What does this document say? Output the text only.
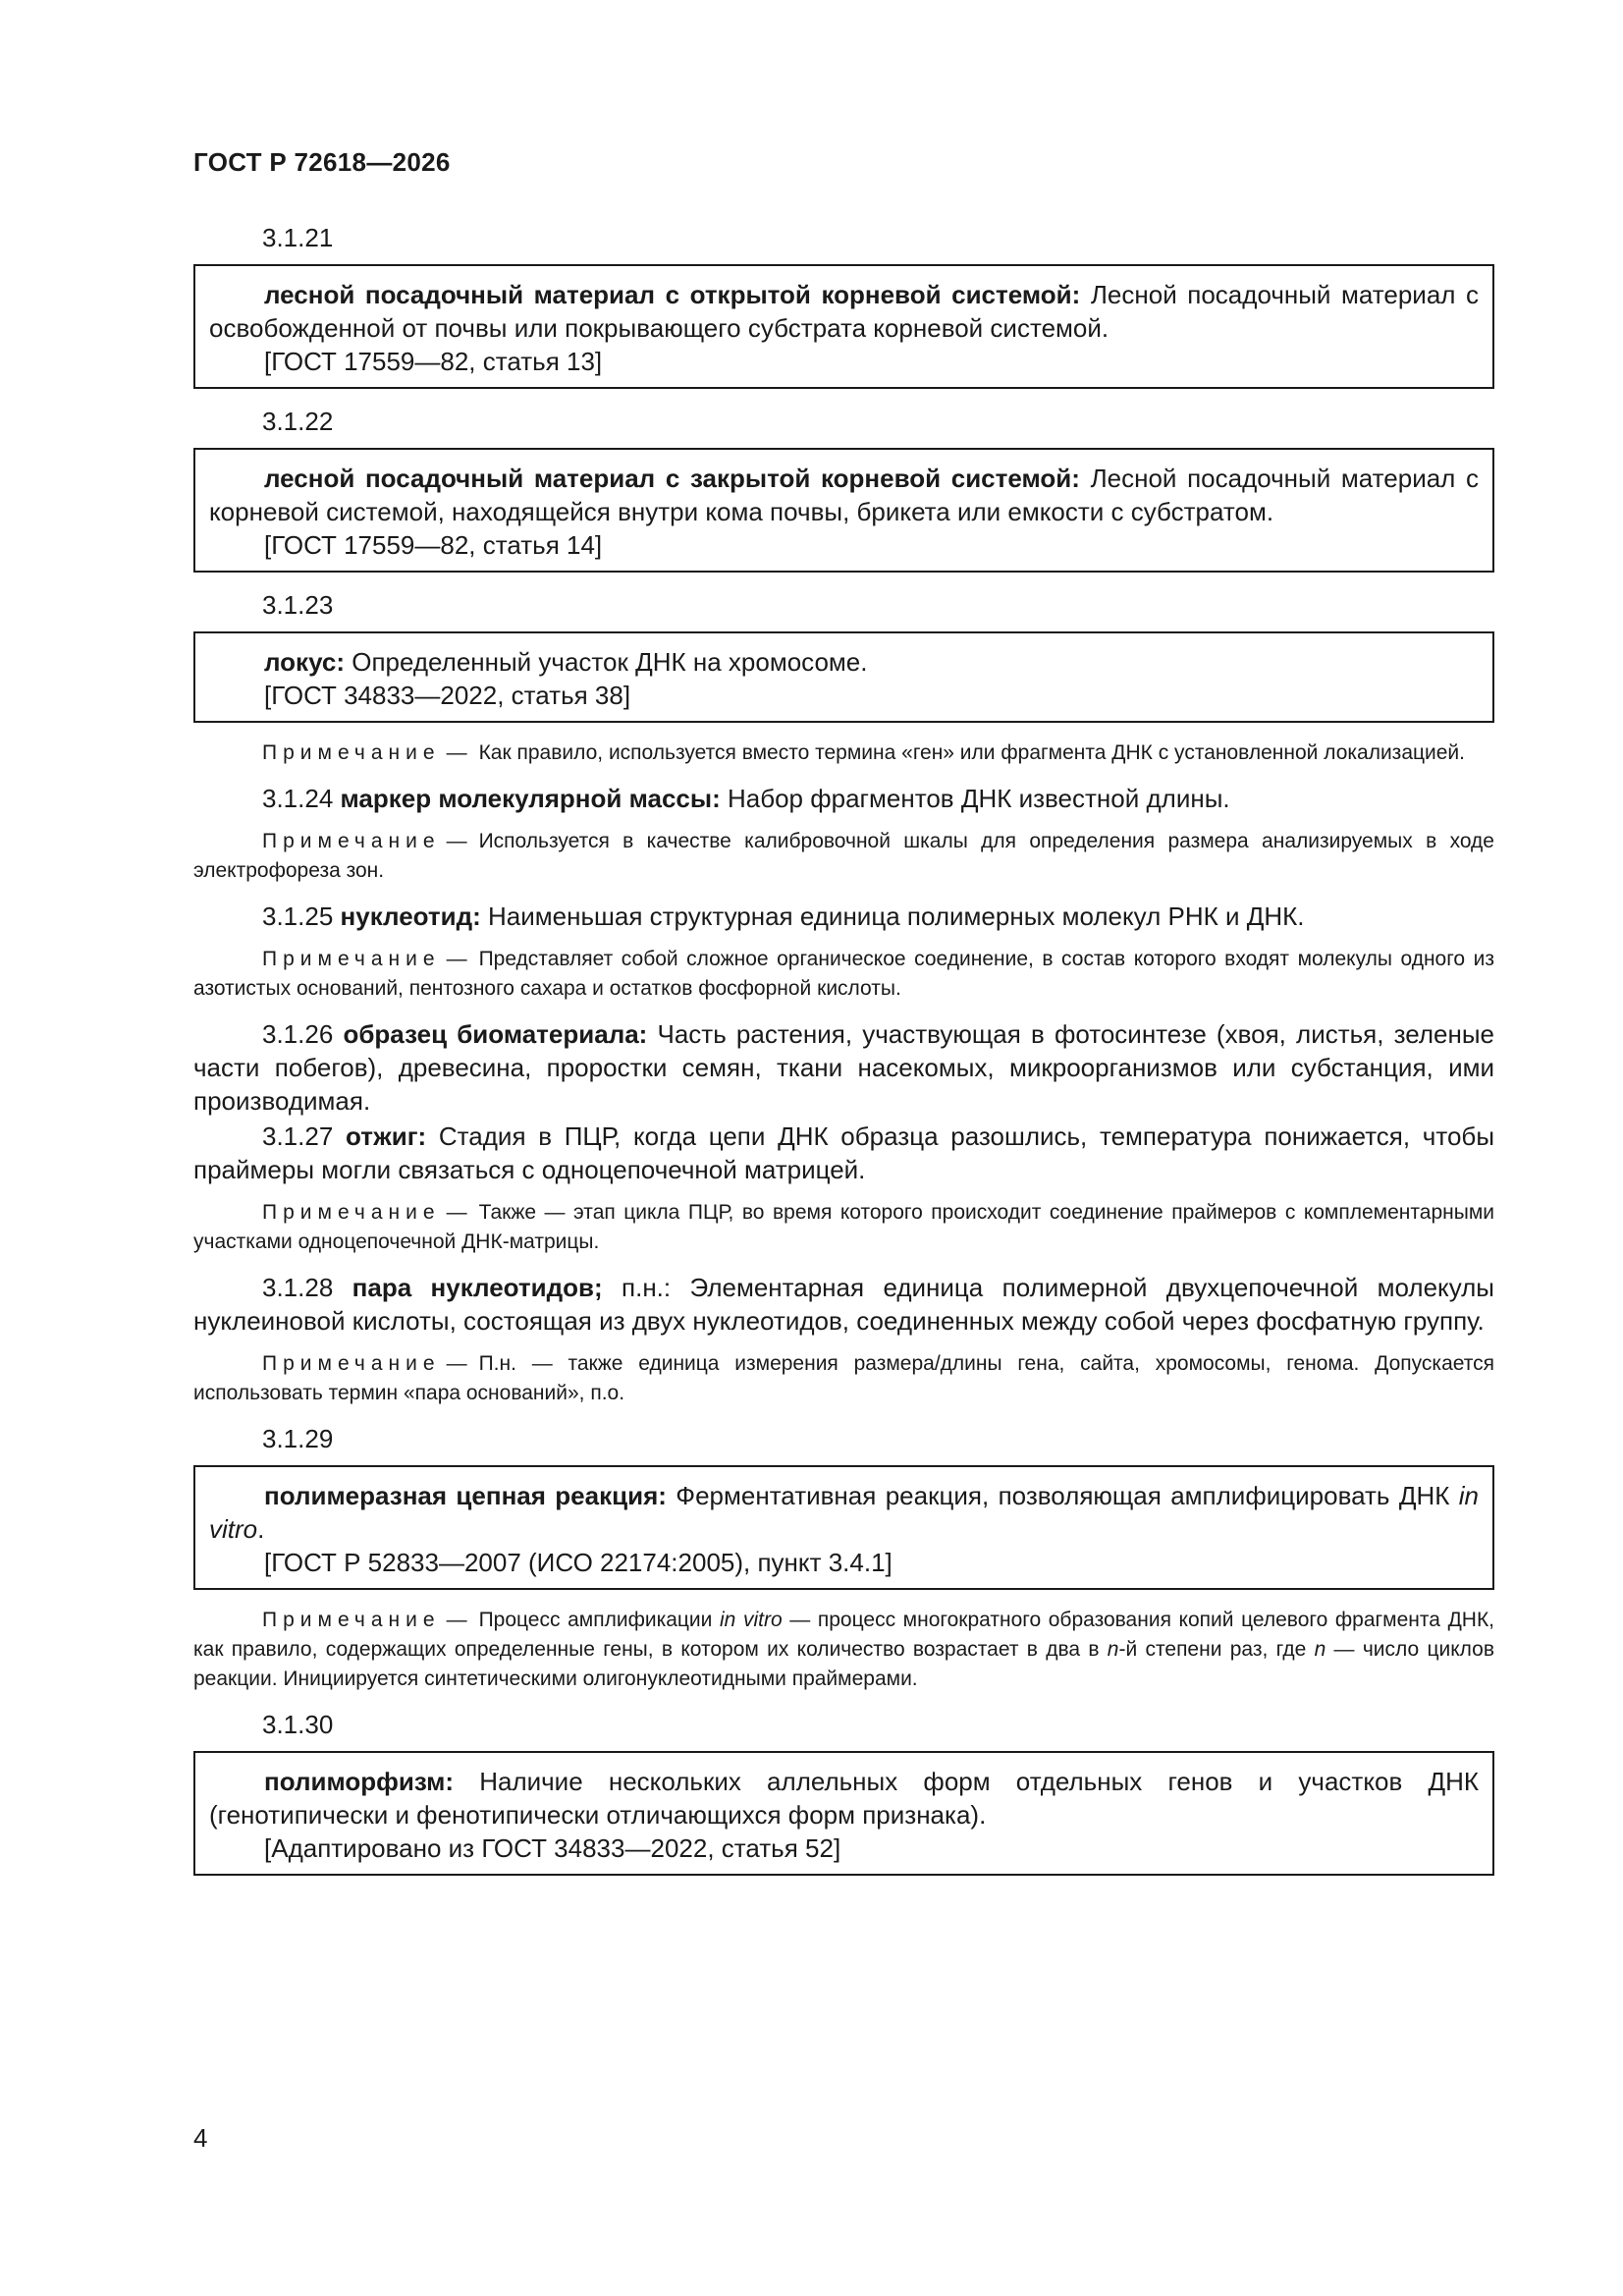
ГОСТ Р 72618—2026
3.1.21

лесной посадочный материал с открытой корневой системой: Лесной посадочный материал с освобожденной от почвы или покрывающего субстрата корневой системой.

[ГОСТ 17559—82, статья 13]
3.1.22

лесной посадочный материал с закрытой корневой системой: Лесной посадочный материал с корневой системой, находящейся внутри кома почвы, брикета или емкости с субстратом.

[ГОСТ 17559—82, статья 14]
3.1.23

локус: Определенный участок ДНК на хромосоме.

[ГОСТ 34833—2022, статья 38]

Примечание — Как правило, используется вместо термина «ген» или фрагмента ДНК с установленной локализацией.

3.1.24 маркер молекулярной массы: Набор фрагментов ДНК известной длины.

Примечание — Используется в качестве калибровочной шкалы для определения размера анализируемых в ходе электрофореза зон.

3.1.25 нуклеотид: Наименьшая структурная единица полимерных молекул РНК и ДНК.

Примечание — Представляет собой сложное органическое соединение, в состав которого входят молекулы одного из азотистых оснований, пентозного сахара и остатков фосфорной кислоты.

3.1.26 образец биоматериала: Часть растения, участвующая в фотосинтезе (хвоя, листья, зеленые части побегов), древесина, проростки семян, ткани насекомых, микроорганизмов или субстанция, ими производимая.

3.1.27 отжиг: Стадия в ПЦР, когда цепи ДНК образца разошлись, температура понижается, чтобы праймеры могли связаться с одноцепочечной матрицей.

Примечание — Также — этап цикла ПЦР, во время которого происходит соединение праймеров с комплементарными участками одноцепочечной ДНК-матрицы.

3.1.28 пара нуклеотидов; п.н.: Элементарная единица полимерной двухцепочечной молекулы нуклеиновой кислоты, состоящая из двух нуклеотидов, соединенных между собой через фосфатную группу.

Примечание — П.н. — также единица измерения размера/длины гена, сайта, хромосомы, генома. Допускается использовать термин «пара оснований», п.о.

3.1.29

полимеразная цепная реакция: Ферментативная реакция, позволяющая амплифицировать ДНК in vitro.

[ГОСТ Р 52833—2007 (ИСО 22174:2005), пункт 3.4.1]

Примечание — Процесс амплификации in vitro — процесс многократного образования копий целевого фрагмента ДНК, как правило, содержащих определенные гены, в котором их количество возрастает в два в n-й степени раз, где n — число циклов реакции. Инициируется синтетическими олигонуклеотидными праймерами.

3.1.30

полиморфизм: Наличие нескольких аллельных форм отдельных генов и участков ДНК (генотипически и фенотипически отличающихся форм признака).

[Адаптировано из ГОСТ 34833—2022, статья 52]
4
